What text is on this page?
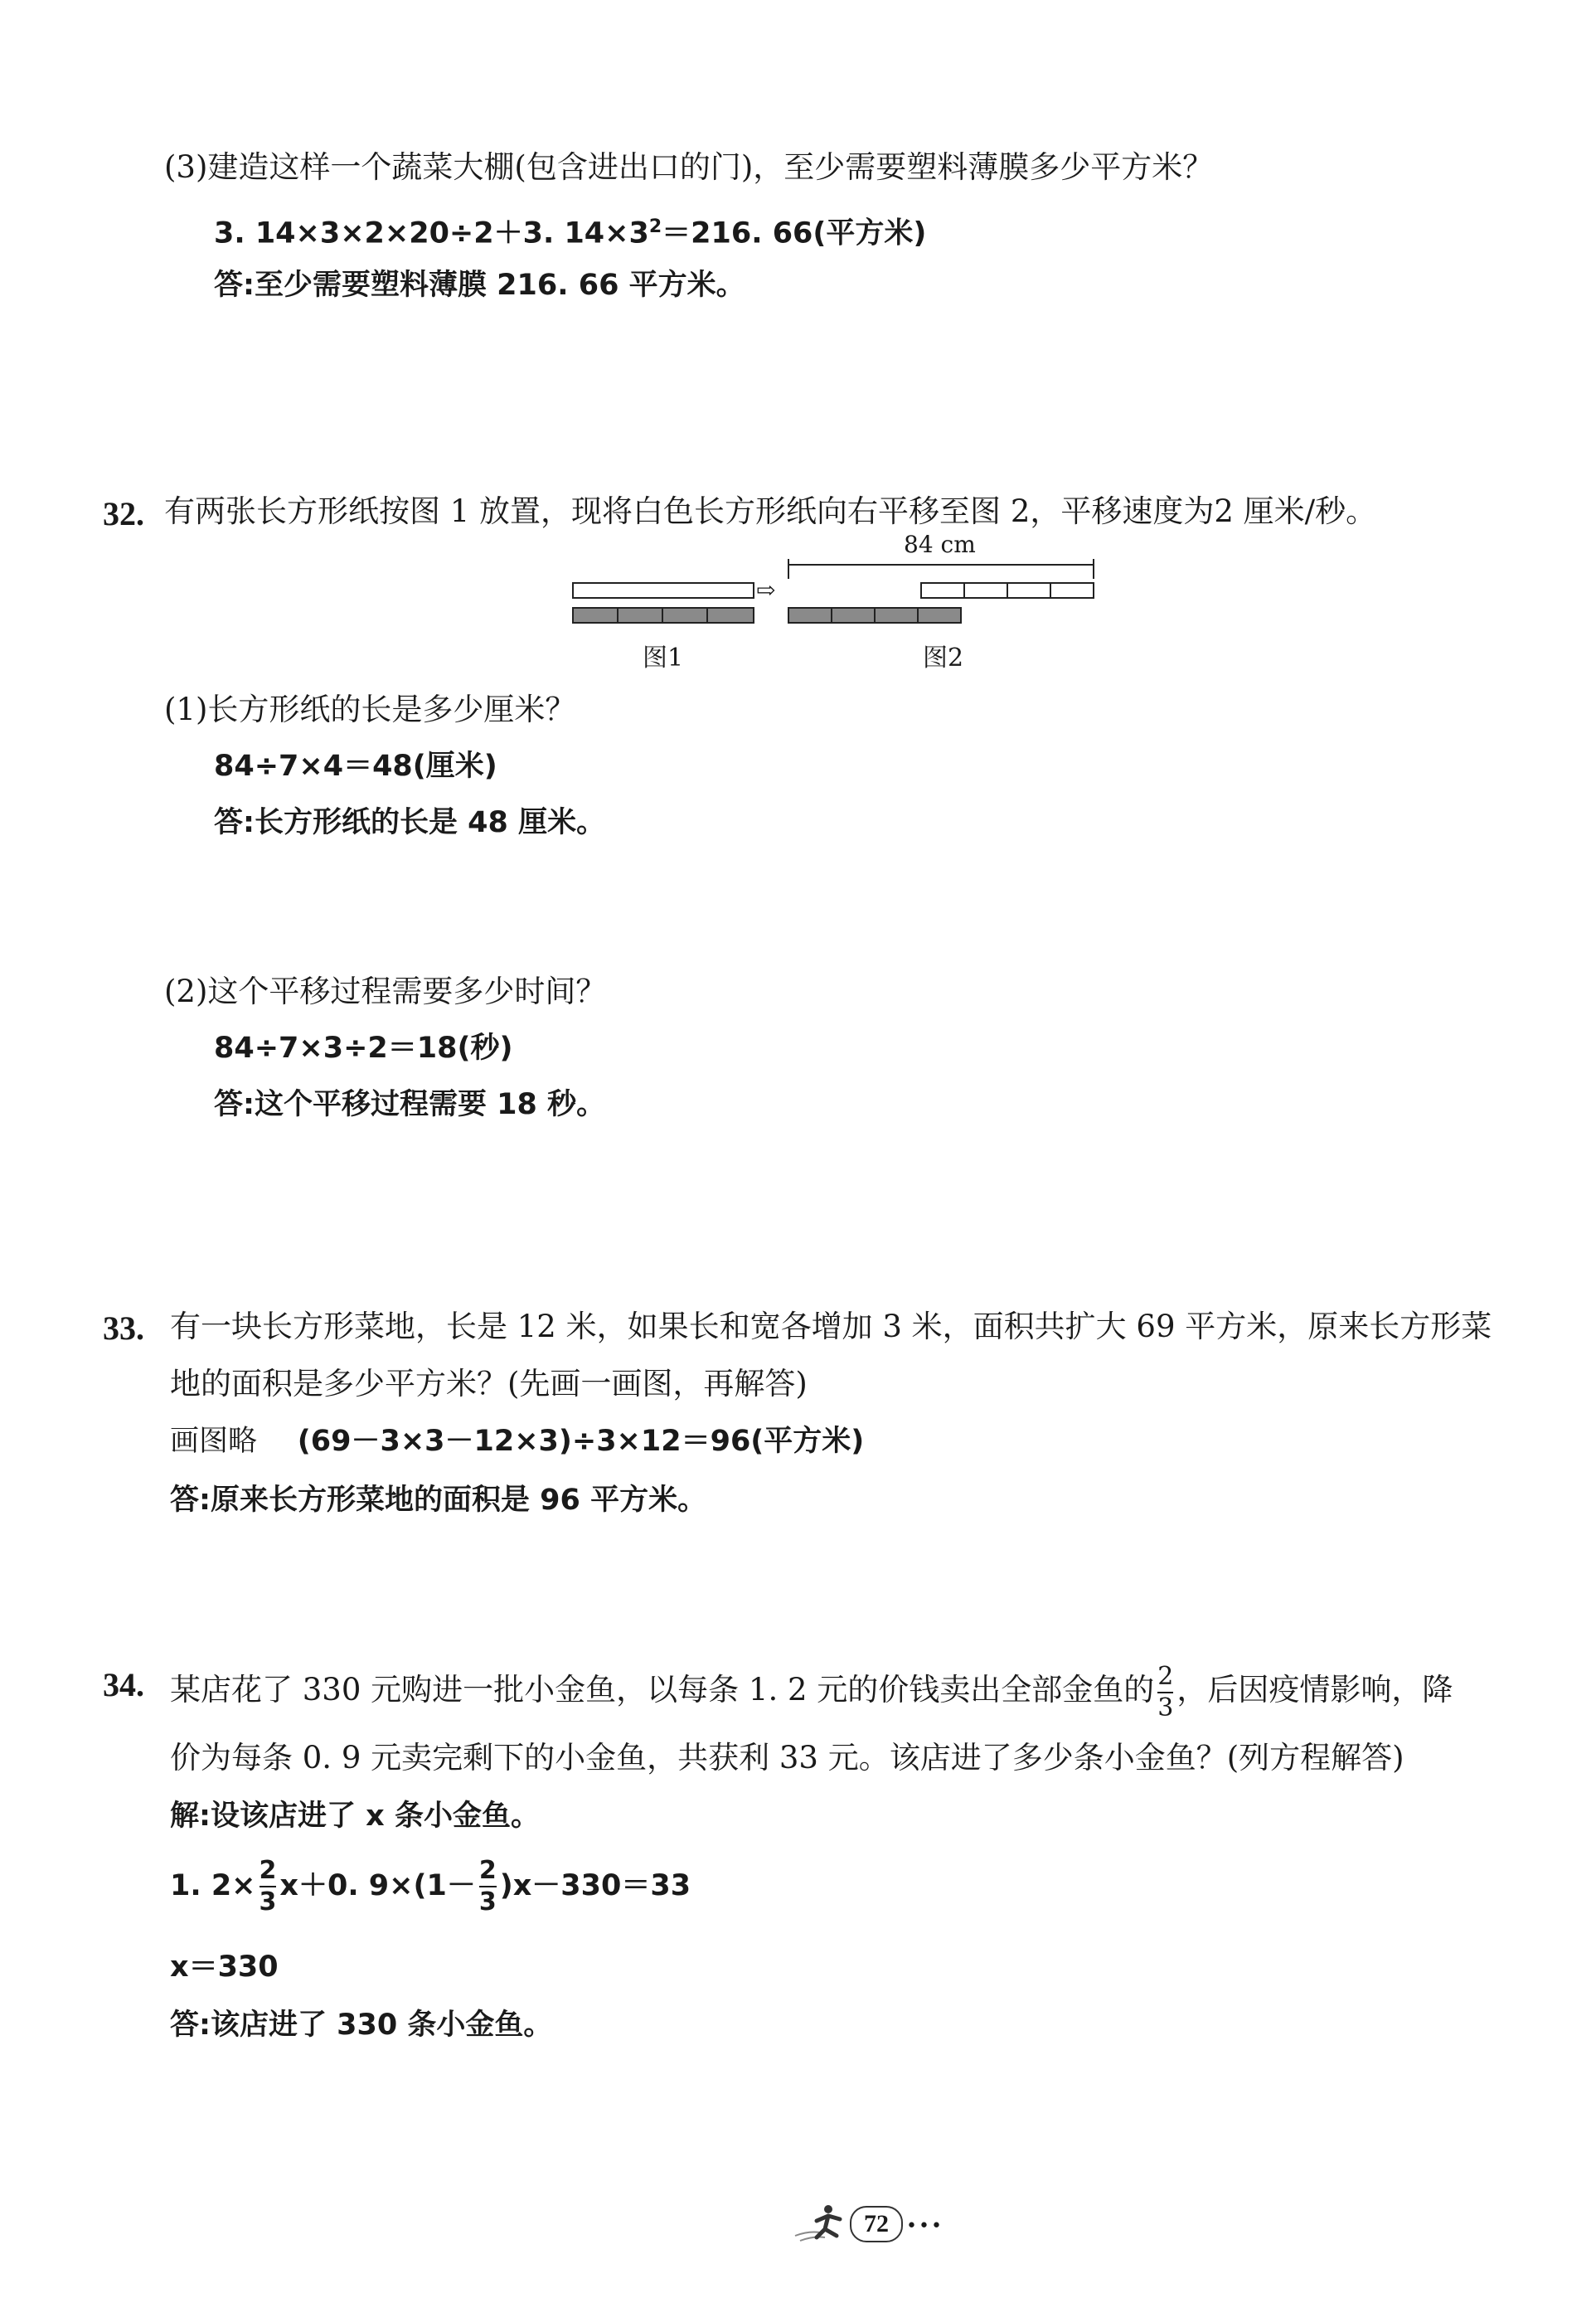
(3)建造这样一个蔬菜大棚(包含进出口的门)，至少需要塑料薄膜多少平方米？
3. 14×3×2×20÷2＋3. $14\times 3^2=216$. 66(平方米)
答:至少需要塑料薄膜 216. 66 平方米。
32. 有两张长方形纸按图 1 放置，现将白色长方形纸向右平移至图 2，平移速度为2 厘米/秒。
⇨
84 cm
图1	图2
(1)长方形纸的长是多少厘米？
84÷7×4＝48(厘米)
答:长方形纸的长是 48 厘米。
(2)这个平移过程需要多少时间？
84÷7×3÷2＝18(秒)
答:这个平移过程需要 18 秒。
33. 有一块长方形菜地，长是 12 米，如果长和宽各增加 3 米，面积共扩大 69 平方米，原来长方形菜
地的面积是多少平方米？(先画一画图，再解答)
画图略 (69－3×3－12×3)÷3×12＝96(平方米)
答:原来长方形菜地的面积是 96 平方米。
34. 某店花了 330 元购进一批小金鱼，以每条 1. 2 元的价钱卖出全部金鱼的 $\frac{2}{3}$ ，后因疫情影响，降
价为每条 0. 9 元卖完剩下的小金鱼，共获利 33 元。该店进了多少条小金鱼？(列方程解答)
解:设该店进了 x 条小金鱼。
1. $2\times \frac{2}{3} x+0$. $9\times(1- \frac{2}{3} )x-330=33$
x＝330
答:该店进了 330 条小金鱼。
72 •••
